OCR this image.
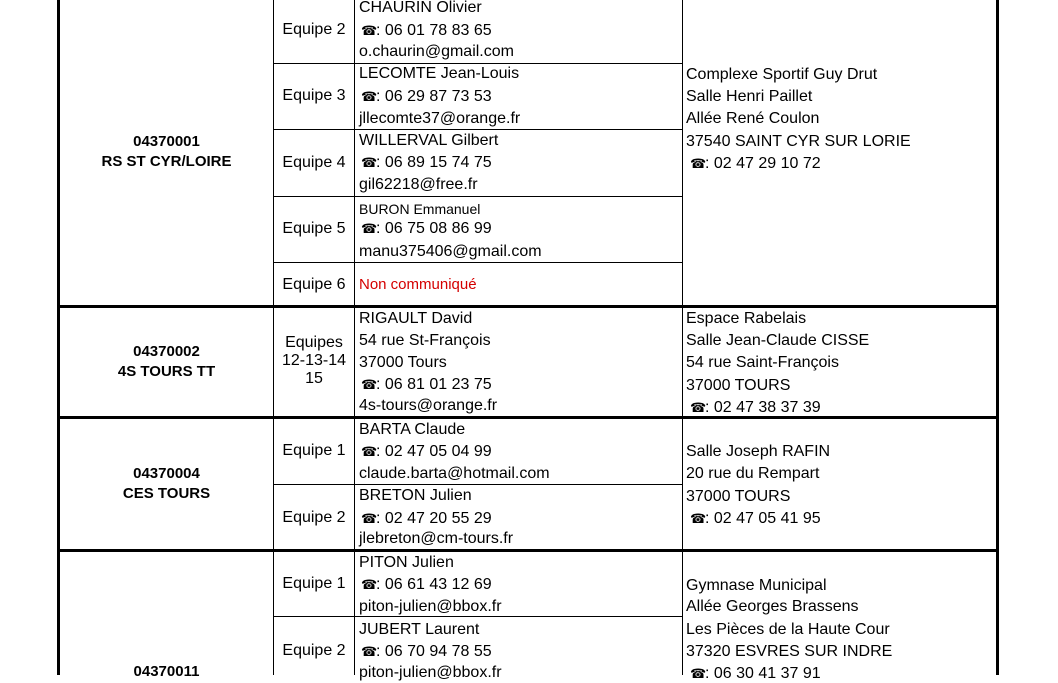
04370001
RS ST CYR/LOIRE
Equipe 2
CHAURIN Olivier
☎: 06 01 78 83 65
o.chaurin@gmail.com
Equipe 3
LECOMTE Jean-Louis
☎: 06 29 87 73 53
jllecomte37@orange.fr
Equipe 4
WILLERVAL Gilbert
☎: 06 89 15 74 75
gil62218@free.fr
Equipe 5
BURON Emmanuel
☎: 06 75 08 86 99
manu375406@gmail.com
Equipe 6 Non communiqué
Complexe Sportif Guy Drut
Salle Henri Paillet
Allée René Coulon
37540 SAINT CYR SUR LORIE
☎: 02 47 29 10 72
04370002
4S TOURS TT
Equipes
12-13-14
15
RIGAULT David
54 rue St-François
37000 Tours
☎: 06 81 01 23 75
4s-tours@orange.fr
Espace Rabelais
Salle Jean-Claude CISSE
54 rue Saint-François
37000 TOURS
☎: 02 47 38 37 39
04370004
CES TOURS
Equipe 1
BARTA Claude
☎: 02 47 05 04 99
claude.barta@hotmail.com
Equipe 2
BRETON Julien
☎: 02 47 20 55 29
jlebreton@cm-tours.fr
Salle Joseph RAFIN
20 rue du Rempart
37000 TOURS
☎: 02 47 05 41 95
04370011
Equipe 1
PITON Julien
☎: 06 61 43 12 69
piton-julien@bbox.fr
Equipe 2
JUBERT Laurent
☎: 06 70 94 78 55
piton-julien@bbox.fr
Gymnase Municipal
Allée Georges Brassens
Les Pièces de la Haute Cour
37320 ESVRES SUR INDRE
☎: 06 30 41 37 91
